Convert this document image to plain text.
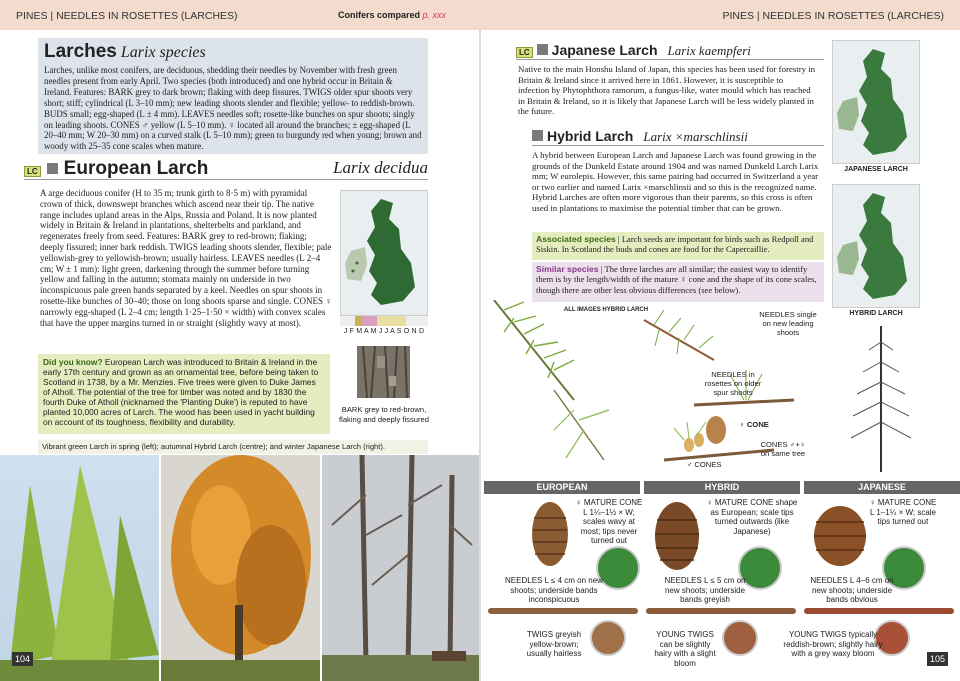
PINES | NEEDLES IN ROSETTES (LARCHES)	Conifers compared p. xxx	PINES | NEEDLES IN ROSETTES (LARCHES)
Larches Larix species
Larches, unlike most conifers, are deciduous, shedding their needles by November with fresh green needles present from early April. Two species (both introduced) and one hybrid occur in Britain & Ireland. Features: BARK grey to dark brown; flaking with deep fissures. TWIGS older spur shoots very short; stiff; cylindrical (L 3–10 mm); new leading shoots slender and flexible; yellow- to reddish-brown. BUDS small; egg-shaped (L ± 4 mm). LEAVES needles soft; rosette-like bunches on spur shoots; singly on leading shoots. CONES ♂ yellow (L 5–10 mm). ♀ located all around the branches; ± egg-shaped (L 20–40 mm; W 20–30 mm) on a curved stalk (L 5–10 mm); green to burgundy red when young; brown and woody with 25–35 cone scales when mature.
LC European Larch	Larix decidua
A arge deciduous conifer (H to 35 m; trunk girth to 8·5 m) with pyramidal crown of thick, downswept branches which ascend near their tip. The native range includes upland areas in the Alps, Russia and Poland. It is now planted widely in Britain & Ireland in plantations, shelterbelts and parkland, and regenerates freely from seed. Features: BARK grey to red-brown; flaking; deeply fissured; inner bark reddish. TWIGS leading shoots slender, flexible; pale yellowish-grey to yellowish-brown; usually hairless. LEAVES needles (L 2–4 cm; W ± 1 mm): light green, darkening through the summer before turning yellow and falling in the autumn; stomata mainly on underside in two inconspicuous pale green bands separated by a keel. Needles on spur shoots in rosette-like bunches of 30–40; those on long shoots sparse and single. CONES ♀ narrowly egg-shaped (L 2–4 cm; length 1·25–1·50 × width) with convex scales that have the upper margins turned in or straight (slightly wavy at most).
J F M A M J J A S O N D
Did you know? European Larch was introduced to Britain & Ireland in the early 17th century and grown as an ornamental tree, before being taken to Scotland in 1738, by a Mr. Menzies. Five trees were given to Duke James of Atholl. The potential of the tree for timber was noted and by 1830 the fourth Duke of Atholl (nicknamed the 'Planting Duke') is reputed to have planted 10,000 acres of Larch. The wood has been used in yacht building on account of its toughness, flexibility and durability.
BARK grey to red-brown, flaking and deeply fissured
Vibrant green Larch in spring (left); autumnal Hybrid Larch (centre); and winter Japanese Larch (right).
104
LC Japanese Larch Larix kaempferi
Native to the main Honshu Island of Japan, this species has been used for forestry in Britain & Ireland since it arrived here in 1861. However, it is susceptible to infection by Phytophthora ramorum, a fungus-like, water mould which has reached in Britain & Ireland, so it is likely that Japanese Larch will be less widely planted in the future.
Hybrid Larch Larix ×marschlinsii
A hybrid between European Larch and Japanese Larch was found growing in the grounds of the Dunkeld Estate around 1904 and was named Dunkeld Larch Larix mm; W eurolepis. However, this same pairing had occurred in Switzerland a year or two earlier and named Larix ×marschlinsii and so this is the recognized name. Hybrid Larches are often more vigorous than their parents, so this cross is often used in plantations to maximise the potential timber that can be grown.
JAPANESE LARCH
HYBRID LARCH
Associated species | Larch seeds are important for birds such as Redpoll and Siskin. In Scotland the buds and cones are food for the Capercaillie.
Similar species | The three larches are all similar; the easiest way to identify them is by the length/width of the mature ♀ cone and the shape of its cone scales, though there are other less obvious differences (see below).
ALL IMAGES HYBRID LARCH	NEEDLES single on new leading shoots
NEEDLES in rosettes on older spur shoots
♀ CONE
CONES ♂+♀ on same tree
♂ CONES
EUROPEAN	HYBRID	JAPANESE
♀ MATURE CONE L 1¼–1½ × W; scales wavy at most; tips never turned out
NEEDLES L ≤ 4 cm on new shoots; underside bands inconspicuous
TWIGS greyish yellow-brown; usually hairless
♀ MATURE CONE shape as European; scale tips turned outwards (like Japanese)
NEEDLES L ≤ 5 cm on new shoots; underside bands greyish
YOUNG TWIGS can be slightly hairy with a slight bloom
♀ MATURE CONE L 1–1¼ × W; scale tips turned out
NEEDLES L 4–6 cm on new shoots; underside bands obvious
YOUNG TWIGS typically reddish-brown; slightly hairy with a grey waxy bloom
105
